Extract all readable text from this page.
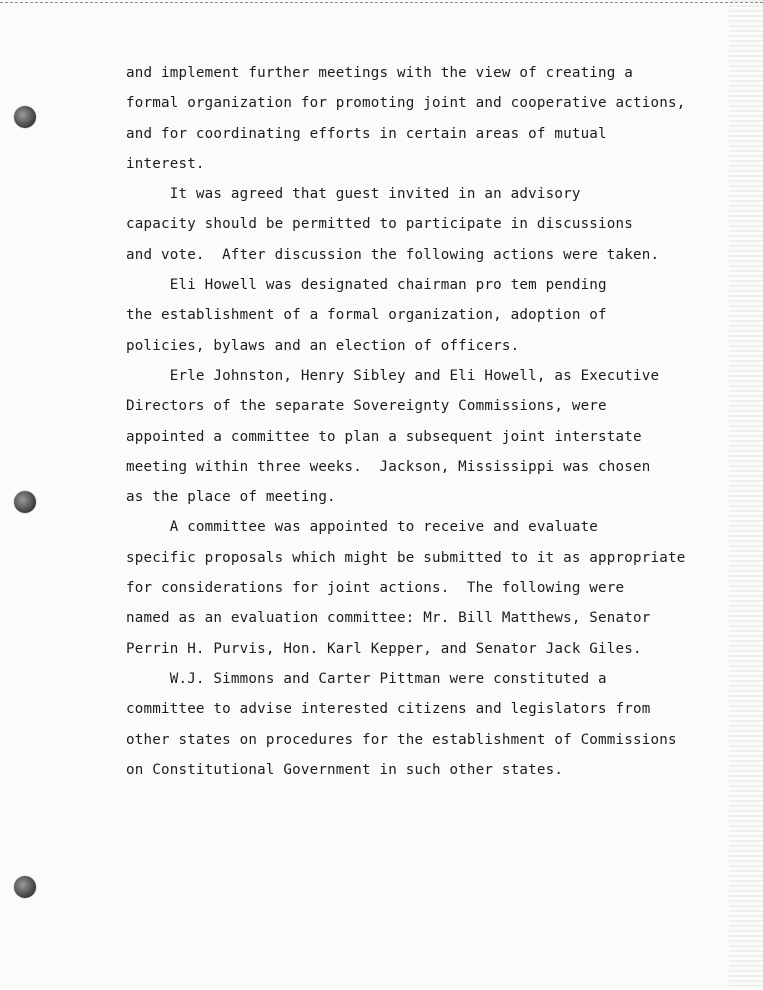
and implement further meetings with the view of creating a
formal organization for promoting joint and cooperative actions,
and for coordinating efforts in certain areas of mutual
interest.
It was agreed that guest invited in an advisory
capacity should be permitted to participate in discussions
and vote.  After discussion the following actions were taken.
Eli Howell was designated chairman pro tem pending
the establishment of a formal organization, adoption of
policies, bylaws and an election of officers.
Erle Johnston, Henry Sibley and Eli Howell, as Executive
Directors of the separate Sovereignty Commissions, were
appointed a committee to plan a subsequent joint interstate
meeting within three weeks.  Jackson, Mississippi was chosen
as the place of meeting.
A committee was appointed to receive and evaluate
specific proposals which might be submitted to it as appropriate
for considerations for joint actions.  The following were
named as an evaluation committee: Mr. Bill Matthews, Senator
Perrin H. Purvis, Hon. Karl Kepper, and Senator Jack Giles.
W.J. Simmons and Carter Pittman were constituted a
committee to advise interested citizens and legislators from
other states on procedures for the establishment of Commissions
on Constitutional Government in such other states.
